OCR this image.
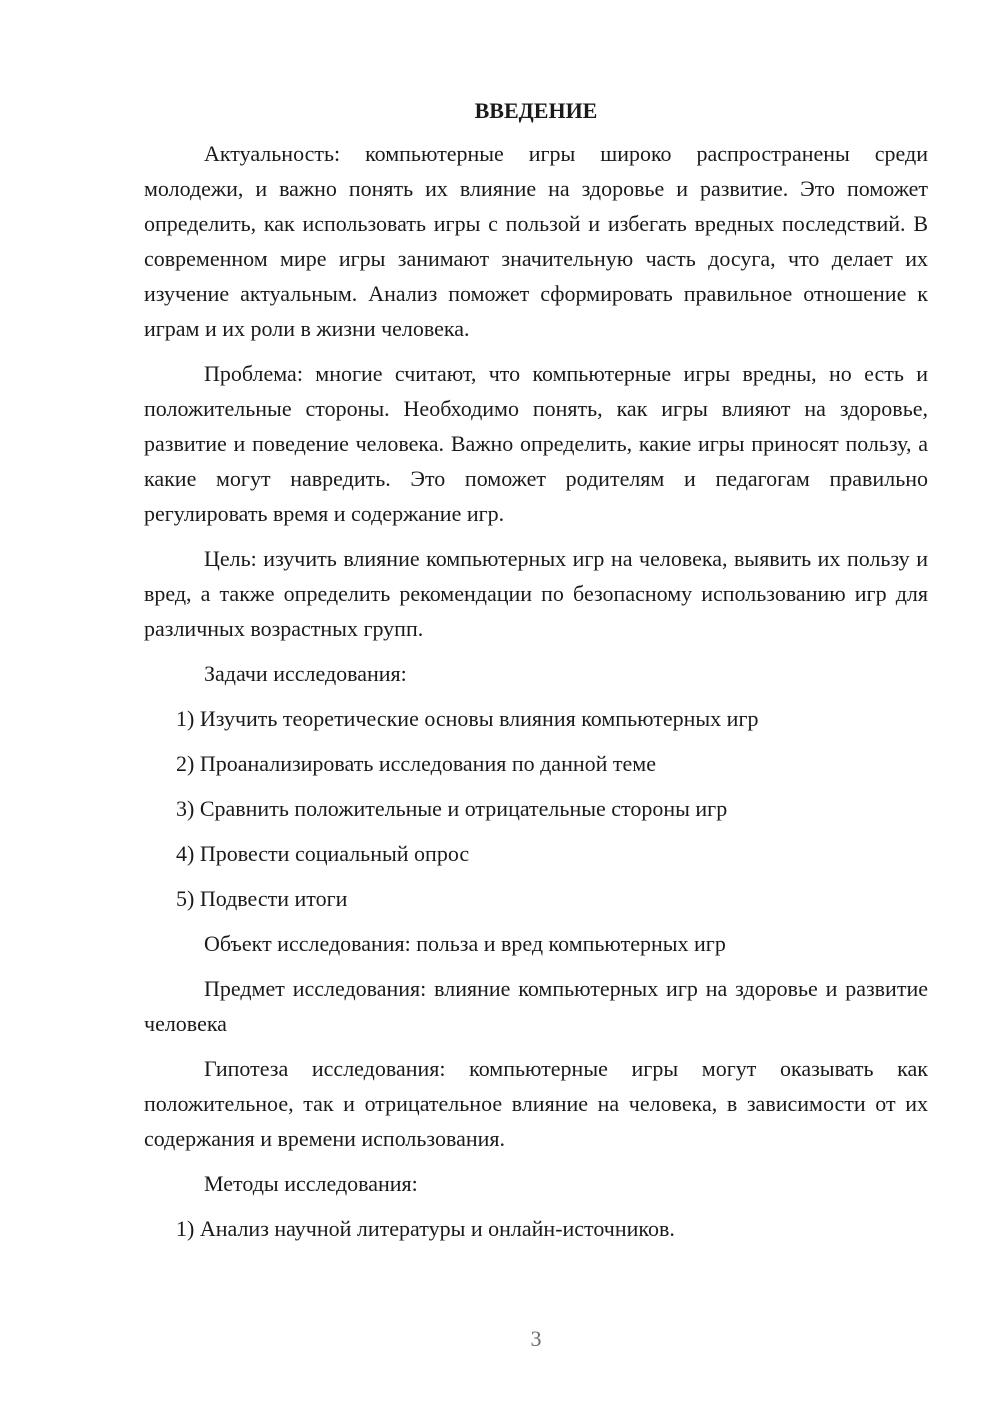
ВВЕДЕНИЕ
Актуальность: компьютерные игры широко распространены среди молодежи, и важно понять их влияние на здоровье и развитие. Это поможет определить, как использовать игры с пользой и избегать вредных последствий. В современном мире игры занимают значительную часть досуга, что делает их изучение актуальным. Анализ поможет сформировать правильное отношение к играм и их роли в жизни человека.
Проблема: многие считают, что компьютерные игры вредны, но есть и положительные стороны. Необходимо понять, как игры влияют на здоровье, развитие и поведение человека. Важно определить, какие игры приносят пользу, а какие могут навредить. Это поможет родителям и педагогам правильно регулировать время и содержание игр.
Цель: изучить влияние компьютерных игр на человека, выявить их пользу и вред, а также определить рекомендации по безопасному использованию игр для различных возрастных групп.
Задачи исследования:
1) Изучить теоретические основы влияния компьютерных игр
2) Проанализировать исследования по данной теме
3) Сравнить положительные и отрицательные стороны игр
4) Провести социальный опрос
5) Подвести итоги
Объект исследования: польза и вред компьютерных игр
Предмет исследования: влияние компьютерных игр на здоровье и развитие человека
Гипотеза исследования: компьютерные игры могут оказывать как положительное, так и отрицательное влияние на человека, в зависимости от их содержания и времени использования.
Методы исследования:
1) Анализ научной литературы и онлайн-источников.
3
